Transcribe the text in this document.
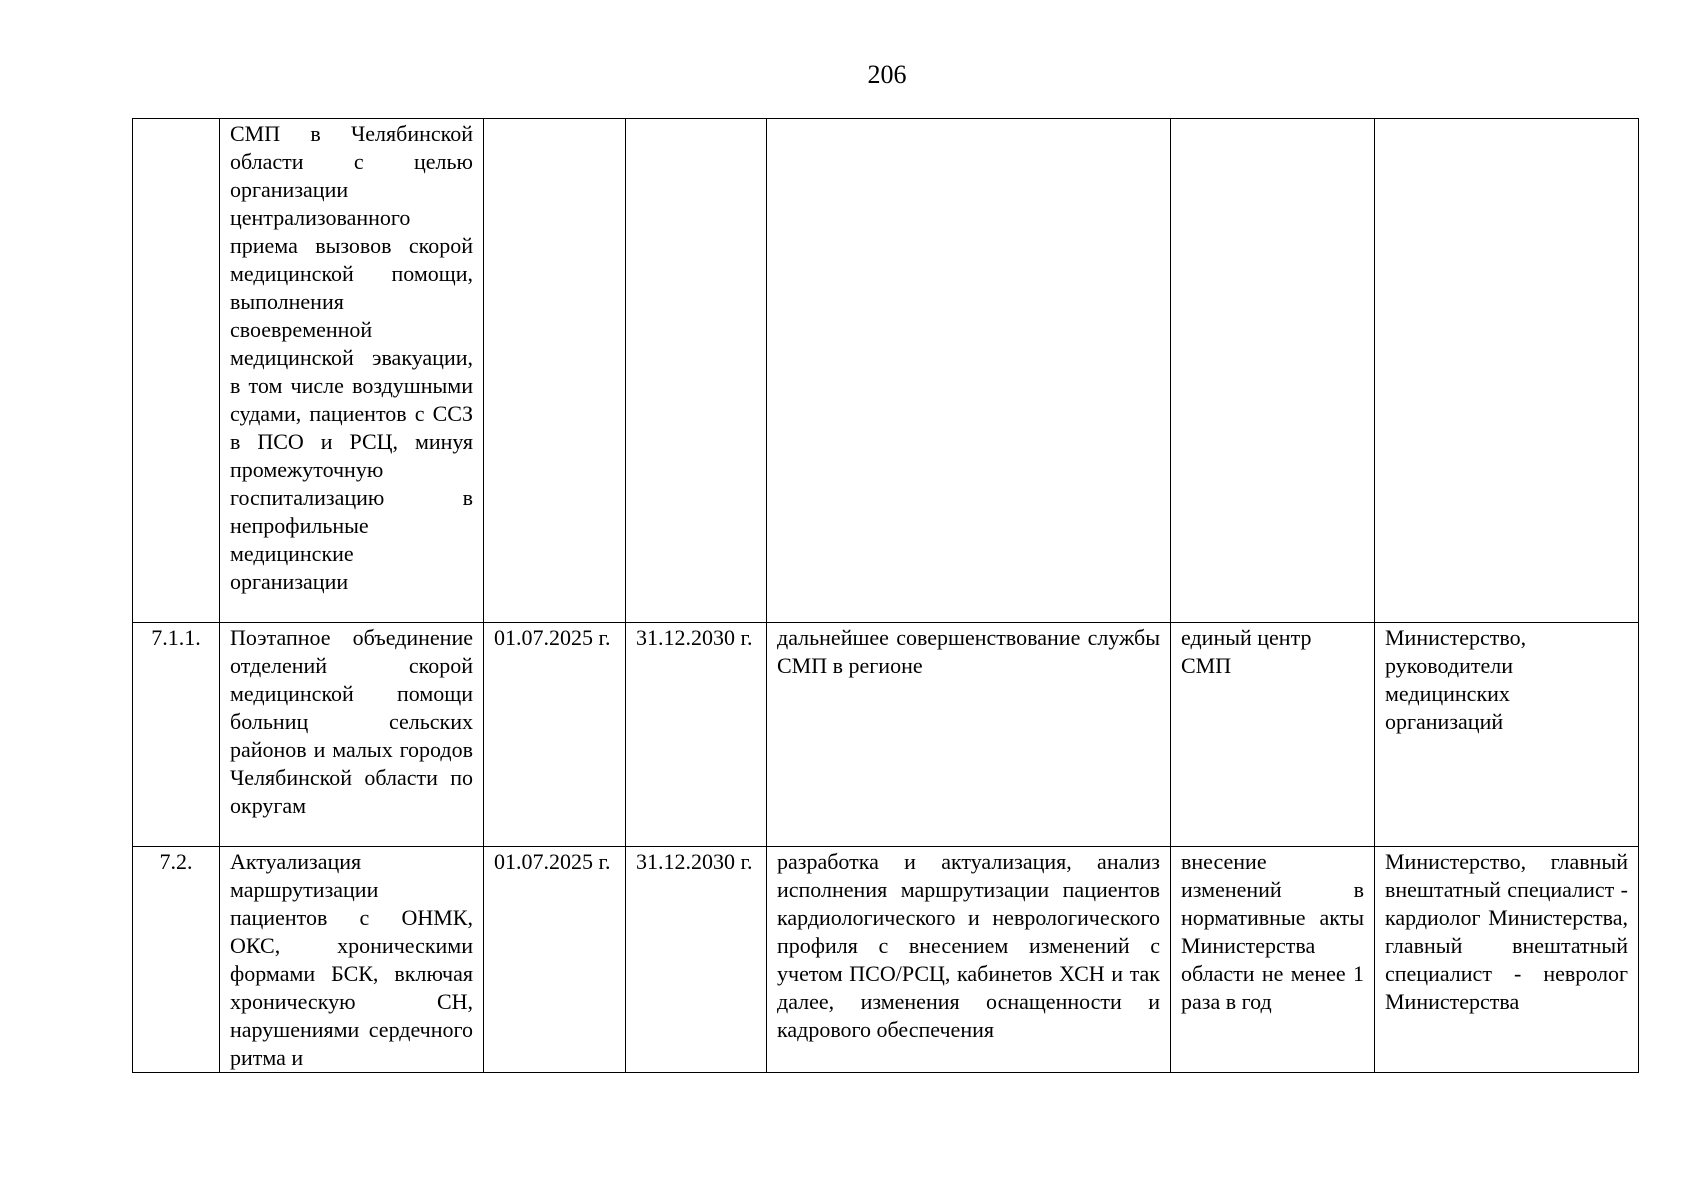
206
	СМП в Челябинской области с целью организации централизованного приема вызовов скорой медицинской помощи, выполнения своевременной медицинской эвакуации, в том числе воздушными судами, пациентов с ССЗ в ПСО и РСЦ, минуя промежуточную госпитализацию в непрофильные медицинские организации					
7.1.1.	Поэтапное объединение отделений скорой медицинской помощи больниц сельских районов и малых городов Челябинской области по округам	01.07.2025 г.	31.12.2030 г.	дальнейшее совершенствование службы СМП в регионе	единый центр СМП	Министерство, руководители медицинских организаций
7.2.	Актуализация маршрутизации пациентов с ОНМК, ОКС, хроническими формами БСК, включая хроническую СН, нарушениями сердечного ритма и	01.07.2025 г.	31.12.2030 г.	разработка и актуализация, анализ исполнения маршрутизации пациентов кардиологического и неврологического профиля с внесением изменений с учетом ПСО/РСЦ, кабинетов ХСН и так далее, изменения оснащенности и кадрового обеспечения	внесение изменений в нормативные акты Министерства области не менее 1 раза в год	Министерство, главный внештатный специалист - кардиолог Министерства, главный внештатный специалист - невролог Министерства
